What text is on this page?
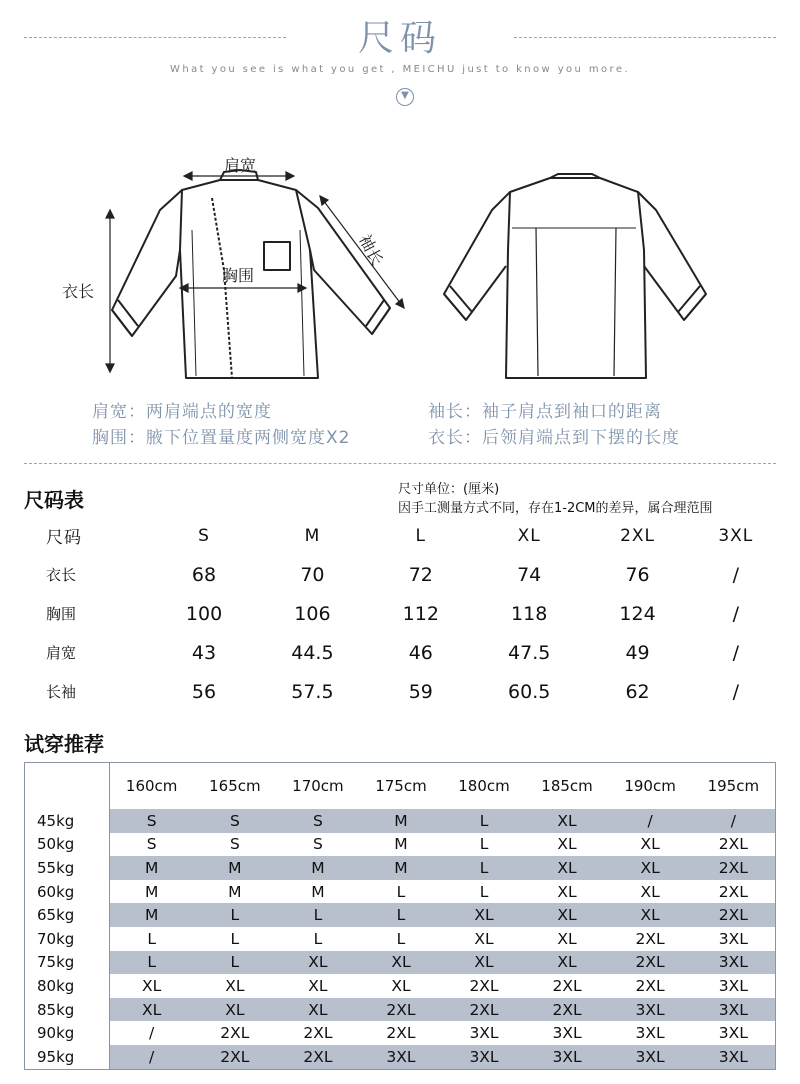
尺码
What you see is what you get , MEICHU just to know you more.
▼
肩宽
袖长
胸围
衣长
肩宽：两肩端点的宽度	袖长：袖子肩点到袖口的距离
胸围：腋下位置量度两侧宽度X2	衣长：后领肩端点到下摆的长度
尺码表	尺寸单位：(厘米)
因手工测量方式不同，存在1-2CM的差异，属合理范围
尺码	S	M	L	XL	2XL	3XL
衣长	68	70	72	74	76	/
胸围	100	106	112	118	124	/
肩宽	43	44.5	46	47.5	49	/
长袖	56	57.5	59	60.5	62	/
试穿推荐
	160cm	165cm	170cm	175cm	180cm	185cm	190cm	195cm
45kg	S	S	S	M	L	XL	/	/
50kg	S	S	S	M	L	XL	XL	2XL
55kg	M	M	M	M	L	XL	XL	2XL
60kg	M	M	M	L	L	XL	XL	2XL
65kg	M	L	L	L	XL	XL	XL	2XL
70kg	L	L	L	L	XL	XL	2XL	3XL
75kg	L	L	XL	XL	XL	XL	2XL	3XL
80kg	XL	XL	XL	XL	2XL	2XL	2XL	3XL
85kg	XL	XL	XL	2XL	2XL	2XL	3XL	3XL
90kg	/	2XL	2XL	2XL	3XL	3XL	3XL	3XL
95kg	/	2XL	2XL	3XL	3XL	3XL	3XL	3XL
